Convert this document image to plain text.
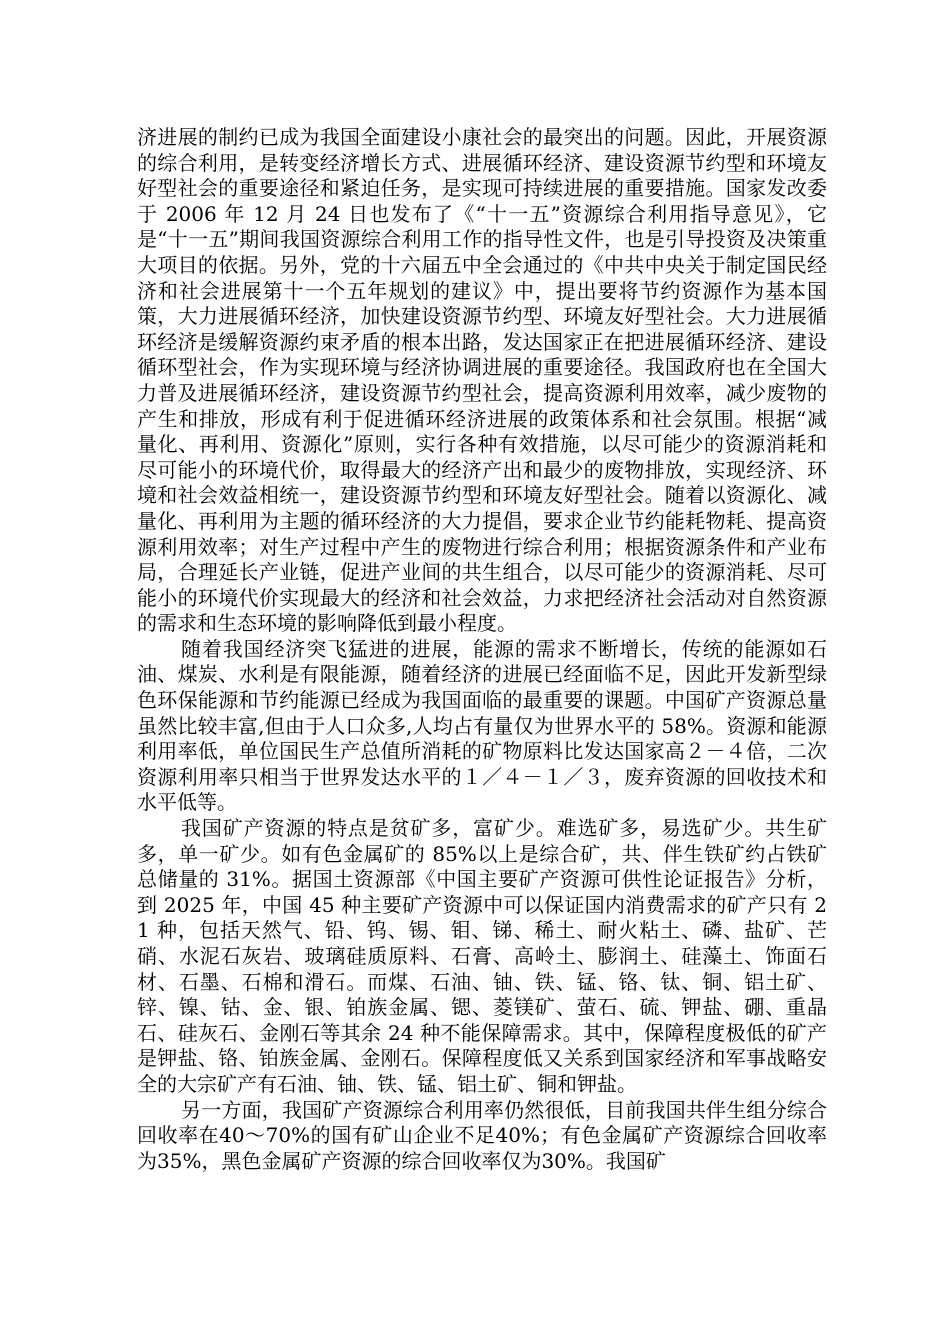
济进展的制约已成为我国全面建设小康社会的最突出的问题。因此，开展资源的综合利用，是转变经济增长方式、进展循环经济、建设资源节约型和环境友好型社会的重要途径和紧迫任务，是实现可持续进展的重要措施。国家发改委于 2006 年 12 月 24 日也发布了《“十一五”资源综合利用指导意见》，它是“十一五”期间我国资源综合利用工作的指导性文件，也是引导投资及决策重大项目的依据。另外，党的十六届五中全会通过的《中共中央关于制定国民经济和社会进展第十一个五年规划的建议》中，提出要将节约资源作为基本国策，大力进展循环经济，加快建设资源节约型、环境友好型社会。大力进展循环经济是缓解资源约束矛盾的根本出路，发达国家正在把进展循环经济、建设循环型社会，作为实现环境与经济协调进展的重要途径。我国政府也在全国大力普及进展循环经济，建设资源节约型社会，提高资源利用效率，减少废物的产生和排放，形成有利于促进循环经济进展的政策体系和社会氛围。根据“减量化、再利用、资源化”原则，实行各种有效措施，以尽可能少的资源消耗和尽可能小的环境代价，取得最大的经济产出和最少的废物排放，实现经济、环境和社会效益相统一，建设资源节约型和环境友好型社会。随着以资源化、减量化、再利用为主题的循环经济的大力提倡，要求企业节约能耗物耗、提高资源利用效率；对生产过程中产生的废物进行综合利用；根据资源条件和产业布局，合理延长产业链，促进产业间的共生组合，以尽可能少的资源消耗、尽可能小的环境代价实现最大的经济和社会效益，力求把经济社会活动对自然资源的需求和生态环境的影响降低到最小程度。

随着我国经济突飞猛进的进展，能源的需求不断增长，传统的能源如石油、煤炭、水利是有限能源，随着经济的进展已经面临不足，因此开发新型绿色环保能源和节约能源已经成为我国面临的最重要的课题。中国矿产资源总量虽然比较丰富,但由于人口众多,人均占有量仅为世界水平的 58%。资源和能源利用率低，单位国民生产总值所消耗的矿物原料比发达国家高２－４倍，二次资源利用率只相当于世界发达水平的１／４－１／３，废弃资源的回收技术和水平低等。

我国矿产资源的特点是贫矿多，富矿少。难选矿多，易选矿少。共生矿多，单一矿少。如有色金属矿的 85%以上是综合矿，共、伴生铁矿约占铁矿总储量的 31%。据国土资源部《中国主要矿产资源可供性论证报告》分析，到 2025 年，中国 45 种主要矿产资源中可以保证国内消费需求的矿产只有 21 种，包括天然气、铅、钨、锡、钼、锑、稀土、耐火粘土、磷、盐矿、芒硝、水泥石灰岩、玻璃硅质原料、石膏、高岭土、膨润土、硅藻土、饰面石材、石墨、石棉和滑石。而煤、石油、铀、铁、锰、铬、钛、铜、铝土矿、锌、镍、钴、金、银、铂族金属、锶、菱镁矿、萤石、硫、钾盐、硼、重晶石、硅灰石、金刚石等其余 24 种不能保障需求。其中，保障程度极低的矿产是钾盐、铬、铂族金属、金刚石。保障程度低又关系到国家经济和军事战略安全的大宗矿产有石油、铀、铁、锰、铝土矿、铜和钾盐。

另一方面，我国矿产资源综合利用率仍然很低，目前我国共伴生组分综合回收率在40～70%的国有矿山企业不足40%；有色金属矿产资源综合回收率为35%，黑色金属矿产资源的综合回收率仅为30%。我国矿
